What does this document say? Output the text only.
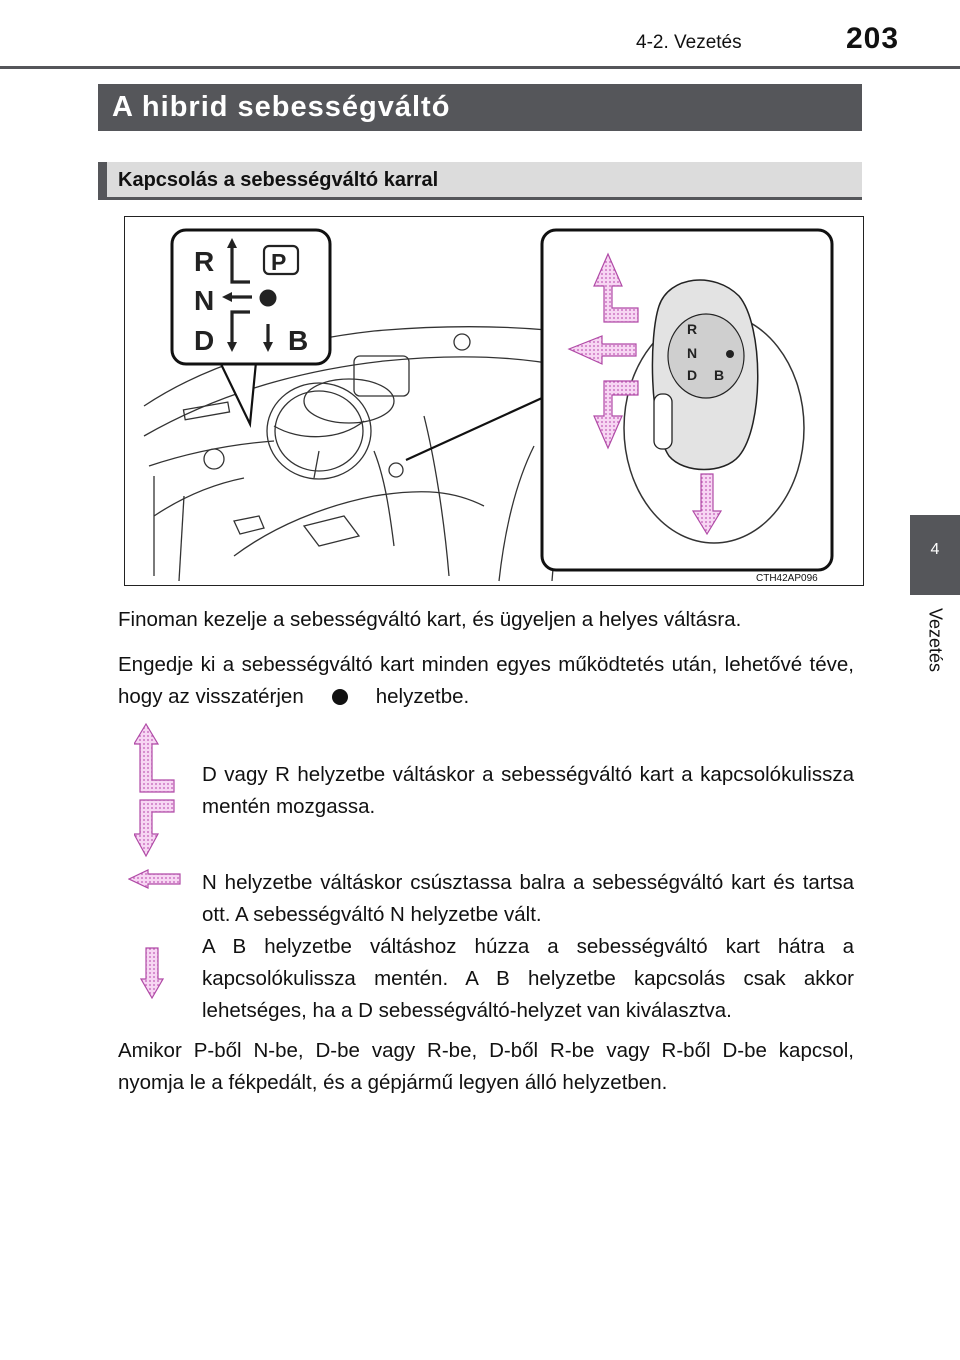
4-2. Vezetés	203
A hibrid sebességváltó
Kapcsolás a sebességváltó karral
R
N
D	B
P
R
N
D B
CTH42AP096
4
Vezetés
Finoman kezelje a sebességváltó kart, és ügyeljen a helyes váltásra.
Engedje ki a sebességváltó kart minden egyes működtetés után, lehetővé téve, hogy az visszatérjen	helyzetbe.
D vagy R helyzetbe váltáskor a sebességváltó kart a kapcsolókulissza mentén mozgassa.
N helyzetbe váltáskor csúsztassa balra a sebességváltó kart és tartsa ott. A sebességváltó N helyzetbe vált.
A B helyzetbe váltáshoz húzza a sebességváltó kart hátra a kapcsolókulissza mentén. A B helyzetbe kapcsolás csak akkor lehetséges, ha a D sebességváltó-helyzet van kiválasztva.
Amikor P-ből N-be, D-be vagy R-be, D-ből R-be vagy R-ből D-be kapcsol, nyomja le a fékpedált, és a gépjármű legyen álló helyzetben.
